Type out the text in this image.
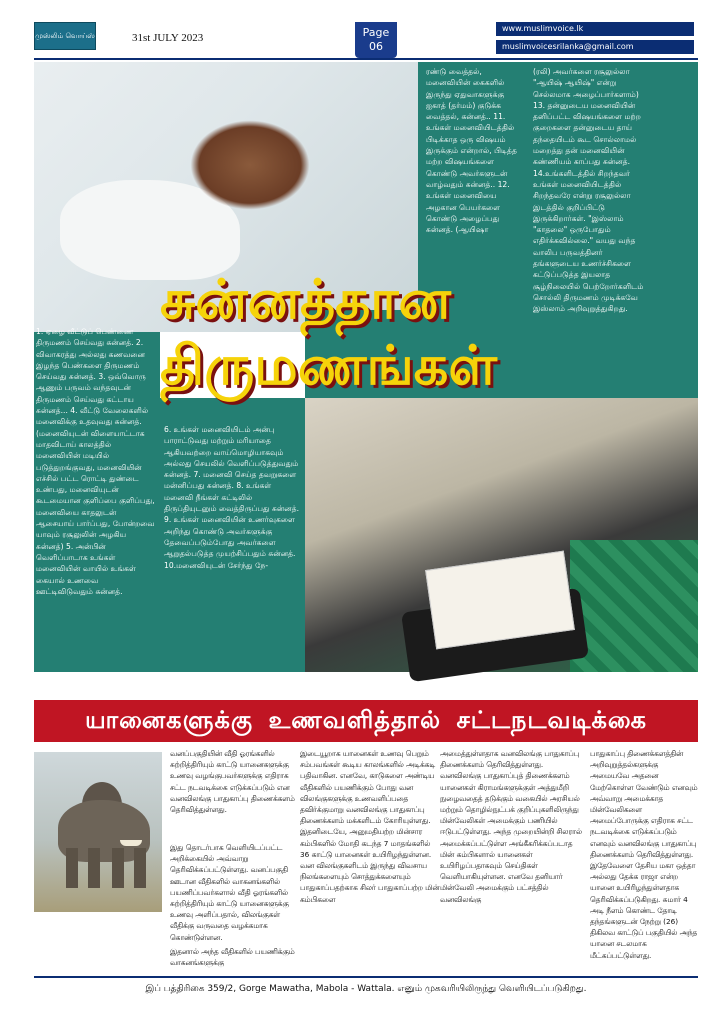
முஸ்லிம் வொய்ஸ்	31st JULY 2023	Page
06
www.muslimvoice.lk
muslimvoicesrilanka@gmail.com
ரண்டு வைத்தல், மனைவியின் கைகளில் இருந்து ஏதுவாகளுக்கு ஐகாத் (தர்மம்) குடுக்க வைத்தல், கன்னத்.. 11. உங்கள் மனைவியிடத்தில் பிடிக்காத ஒரு விஷயம் இருக்கும் என்றால், பிடித்த மற்ற விஷயங்களை கொண்டு அவர்களுடன் வாழ்வதும் சுன்னத்.. 12. உங்கள் மனைவியை அழகான பெயர்களை கொண்டு அழைப்பது சுன்னத். (ஆயிஷா
(ரலி) அவர்களை ரசூலுல்லா "ஆயிஷ் ஆயிஷ்" என்று செல்லமாக அழைப்பார்களாம்) 13. தன்னுடைய மனைவியின் தனிப்பட்ட விஷயங்களை மற்ற குறைகளை தன்னுடைய தாய் தந்தையிடம் கூட சொல்லாமல் மறைத்து தன் மனைவியின் கண்ணியம் காப்பது சுன்னத். 14.உங்களிடத்தில் சிறந்தவர் உங்கள் மனைவியிடத்தில் சிறந்தவரே என்று ரசூலுல்லா இடத்தில் குறிப்பிட்டு இருக்கிறார்கள். "இஸ்லாம் "காதலை" ஒருபோதும் எதிர்க்கவில்லை." வயது வந்த வாலிப பருவத்தினர் தங்களுடைய உணர்ச்சிகளை கட்டுப்படுத்த இயலாத சூழ்நிலையில் பெற்றோர்களிடம் சொல்லி திருமணம் முடிக்கவே இஸ்லாம் அறிவுறுத்துகிறது.
1. ஏழை வீட்டுப் பெண்ணை திருமணம் செய்வது சுன்னத். 2. விவாகரத்து அல்லது கணவனை இழந்த பெண்களை திருமணம் செய்வது சுன்னத். 3. ஒவ்வொரு ஆணும் பருவம் வந்தவுடன் திருமணம் செய்வது கட்டாய சுன்னத்... 4. வீட்டு வேலைகளில் மனைவிக்கு உதவுவது சுன்னத். (மனைவியுடன் விளையாட்டாக மாதவிடாய் காலத்தில் மனைவியின் மடியில் படுத்துறங்குவது, மனைவியின் எச்சில் பட்ட ரொட்டி துண்டை உண்பது, மனைவியுடன் கூடமையான குளிப்பை குளிப்பது, மனைவியை காதலுடன் ஆசையாய் பார்ப்பது, போன்றவை யாவும் ரசூலுலின் அழகிய சுன்னத்) 5. அன்பின் வெளிப்பாடாக உங்கள் மனைவியின் வாயில் உங்கள் கையால் உணவை ஊட்டிவிடுவதும் சுன்னத்.
6. உங்கள் மனைவியிடம் அன்பு பாராட்டுவது மற்றும் மரியாதை ஆகியவற்றை வாய்மொழியாகவும் அல்லது செயலில் வெளிப்படுத்துவதும் சுன்னத். 7. மனைவி செய்த தவறுகளை மன்னிப்பது சுன்னத். 8. உங்கள் மனைவி நீங்கள் கட்டிலில் திருப்தியுடனும் வைத்திருப்பது சுன்னத். 9. உங்கள் மனைவியின் உணர்வுகளை அறிந்து கொண்டு அவர்களுக்கு தேவைப்படும்போது அவர்களை ஆறுதல்படுத்த முயற்சிப்பதும் சுன்னத். 10.மனைவியுடன் சேர்ந்து நே-
சுன்னத்தான
திருமணங்கள்
யானைகளுக்கு உணவளித்தால் சட்டநடவடிக்கை
வனப்பகுதியின் வீதி ஓரங்களில் சுற்றித்திரியும் காட்டு யானைகளுக்கு உணவு வழங்குபவர்களுக்கு எதிராக சட்ட நடவடிக்கை எடுக்கப்படும் என வனவிலங்கு பாதுகாப்பு திணைக்களம் தெரிவித்துள்ளது.
இடையூறாக யானைகள் உணவு பெறும் சம்பவங்கள் கூடிய காலங்களில் அடிக்கடி பதிவாகின. எனவே, காடுகளை அண்டிய வீதிகளில் பயணிக்கும் போது வன விலங்குகளுக்கு உணவளிப்பதை தவிர்க்குமாறு வனவிலங்கு பாதுகாப்பு திணைக்களம் மக்களிடம் கோரியுள்ளது. இதனிடையே, அனுமதியற்ற மின்சார கம்பிகளில் மோதி கடந்த 7 மாதங்களில் 36 காட்டு யானைகள் உயிரிழந்துள்ளன. வன விலங்குகளிடம் இருந்து விவசாய நிலங்களையும் சொத்துக்களையும் பாதுகாப்பதற்காக சிலர் பாதுகாப்பற்ற மின் கம்பிகளை
அமைத்துள்ளதாக வனவிலங்கு பாதுகாப்பு திணைக்களம் தெரிவித்துள்ளது. வனவிலங்கு பாதுகாப்புத் திணைக்களம் யானைகள் கிராமங்களுக்குள் அத்துமீறி நுழைவதைத் தடுக்கும் வகையில் அரசியல் மற்றும் தொழில்நுட்பக் குறிப்புகளிலிருந்து மின்வேலிகள் அமைக்கும் பணியில் ஈடுபட்டுள்ளது. அந்த முறையின்றி சிலரால் அமைக்கப்பட்டுள்ள அங்கீகரிக்கப்படாத மின் கம்பிகளால் யானைகள் உயிரிழப்பதாகவும் செய்திகள் வெளியாகியுள்ளன. எனவே தனியார் மின்வேலி அமைக்கும் பட்சத்தில் வனவிலங்கு
பாதுகாப்பு திணைக்களத்தின் அறிவுறுத்தல்களுக்கு அமையவே அதனை மேற்கொள்ள வேண்டும் எனவும் அவ்வாறு அமைக்காத மின்வேலிகளை அமைப்போருக்கு எதிராக சட்ட நடவடிக்கை எடுக்கப்படும் எனவும் வனவிலங்கு பாதுகாப்பு திணைக்களம் தெரிவித்துள்ளது. இதேவேளை தேசிய மகா ஒத்தா அல்லது தேக்க ராஜா என்ற யானை உயிரிழந்துள்ளதாக தெரிவிக்கப்படுகிறது. சுமார் 4 அடி நீளம் கொண்ட தோடி தந்தங்களுடன் நேற்று (26) திகிலவ காட்டுப் பகுதியில் அந்த யானை சடலமாக மீட்கப்பட்டுள்ளது.
இது தொடர்பாக வெளியிடப்பட்ட அறிக்கையில் அவ்வாறு தெரிவிக்கப்பட்டுள்ளது. வனப்பகுதி ஊடான வீதிகளில் வாகனங்களில் பயணிப்பவர்களால் வீதி ஓரங்களில் சுற்றித்திரியும் காட்டு யானைகளுக்கு உணவு அளிப்பதால், விலங்குகள் வீதிக்கு வருவதை வழக்கமாக கொண்டுள்ளன.
இதனால் அந்த வீதிகளில் பயணிக்கும் வாகனங்களுக்கு
இப் பத்திரிகை 359/2, Gorge Mawatha, Mabola - Wattala. எனும் முகவரியிலிருந்து வெளியிடப்படுகிறது.
